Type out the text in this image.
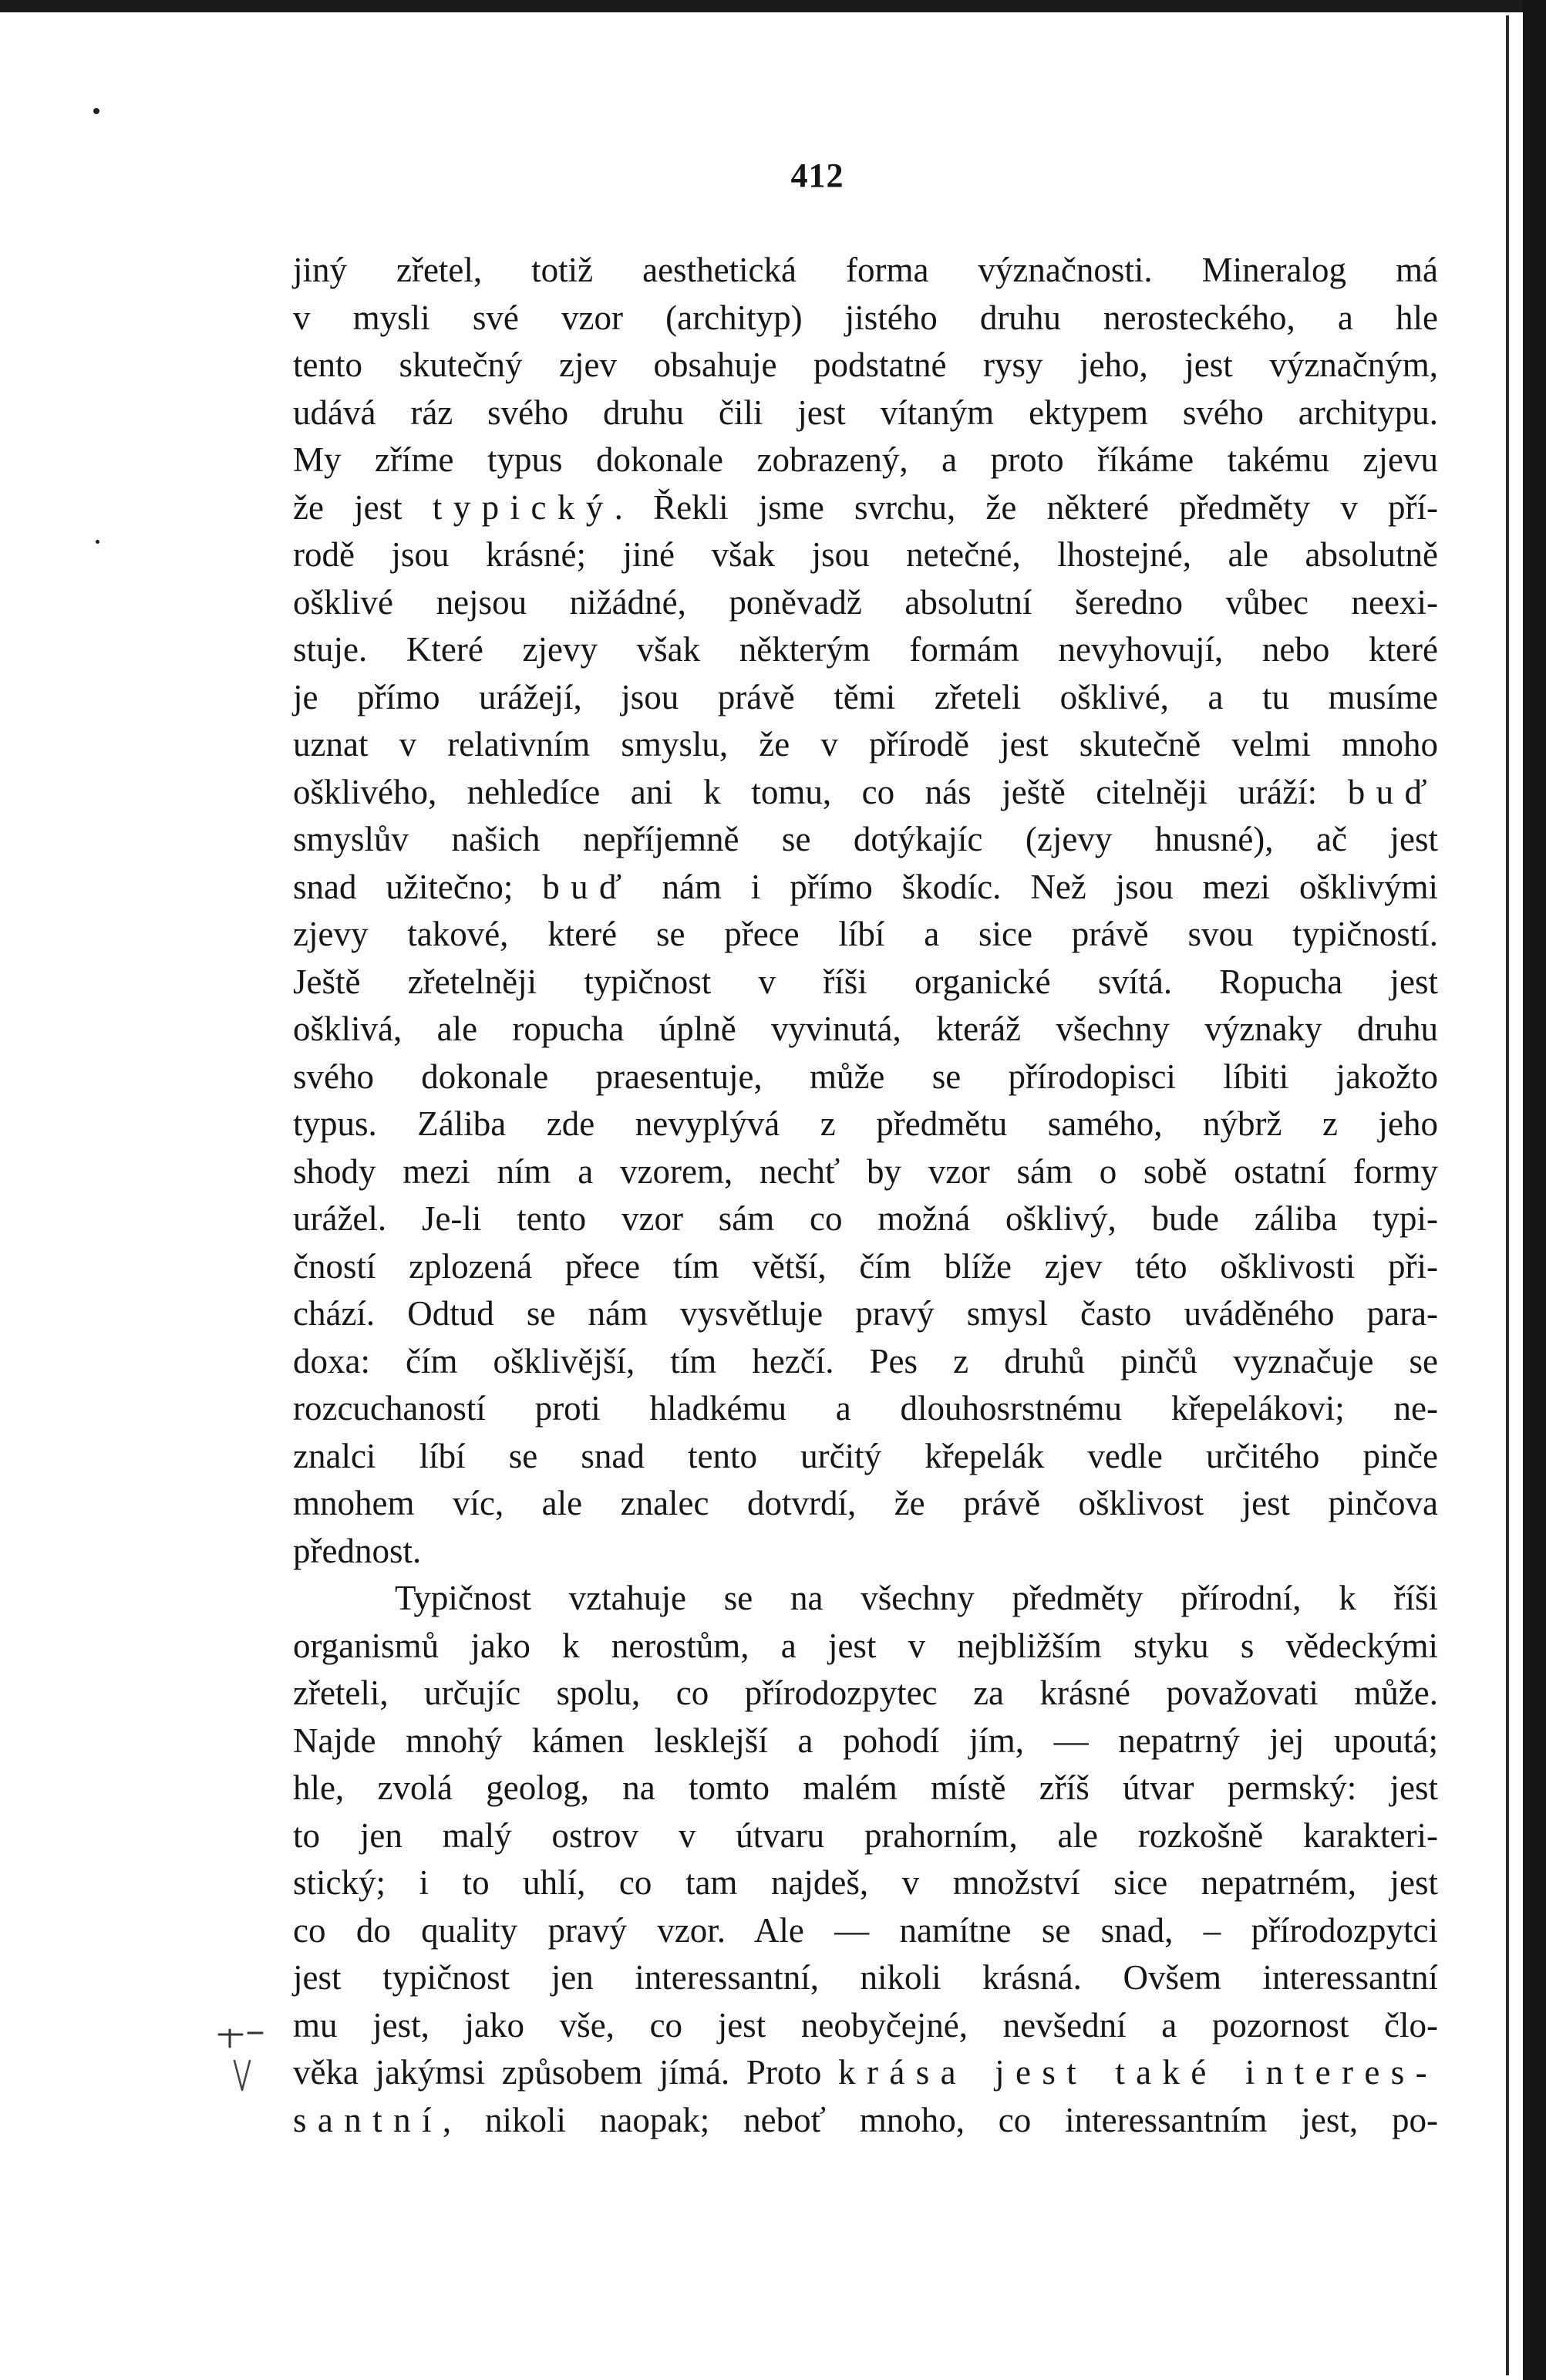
412
jiný zřetel, totiž aesthetická forma význačnosti. Mineralog má
v mysli své vzor (archityp) jistého druhu nerosteckého, a hle
tento skutečný zjev obsahuje podstatné rysy jeho, jest význačným,
udává ráz svého druhu čili jest vítaným ektypem svého architypu.
My zříme typus dokonale zobrazený, a proto říkáme takému zjevu
že jest typický. Řekli jsme svrchu, že některé předměty v pří-
rodě jsou krásné; jiné však jsou netečné, lhostejné, ale absolutně
ošklivé nejsou nižádné, poněvadž absolutní šeredno vůbec neexi-
stuje. Které zjevy však některým formám nevyhovují, nebo které
je přímo urážejí, jsou právě těmi zřeteli ošklivé, a tu musíme
uznat v relativním smyslu, že v přírodě jest skutečně velmi mnoho
ošklivého, nehledíce ani k tomu, co nás ještě citelněji uráží: buď
smyslův našich nepříjemně se dotýkajíc (zjevy hnusné), ač jest
snad užitečno; buď nám i přímo škodíc. Než jsou mezi ošklivými
zjevy takové, které se přece líbí a sice právě svou typičností.
Ještě zřetelněji typičnost v říši organické svítá. Ropucha jest
ošklivá, ale ropucha úplně vyvinutá, kteráž všechny význaky druhu
svého dokonale praesentuje, může se přírodopisci líbiti jakožto
typus. Záliba zde nevyplývá z předmětu samého, nýbrž z jeho
shody mezi ním a vzorem, nechť by vzor sám o sobě ostatní formy
urážel. Je-li tento vzor sám co možná ošklivý, bude záliba typi-
čností zplozená přece tím větší, čím blíže zjev této ošklivosti při-
chází. Odtud se nám vysvětluje pravý smysl často uváděného para-
doxa: čím ošklivější, tím hezčí. Pes z druhů pinčů vyznačuje se
rozcuchaností proti hladkému a dlouhosrstnému křepelákovi; ne-
znalci líbí se snad tento určitý křepelák vedle určitého pinče
mnohem víc, ale znalec dotvrdí, že právě ošklivost jest pinčova
přednost.
Typičnost vztahuje se na všechny předměty přírodní, k říši
organismů jako k nerostům, a jest v nejbližším styku s vědeckými
zřeteli, určujíc spolu, co přírodozpytec za krásné považovati může.
Najde mnohý kámen lesklejší a pohodí jím, — nepatrný jej upoutá;
hle, zvolá geolog, na tomto malém místě zříš útvar permský: jest
to jen malý ostrov v útvaru prahorním, ale rozkošně karakteri-
stický; i to uhlí, co tam najdeš, v množství sice nepatrném, jest
co do quality pravý vzor. Ale — namítne se snad, – přírodozpytci
jest typičnost jen interessantní, nikoli krásná. Ovšem interessantní
mu jest, jako vše, co jest neobyčejné, nevšední a pozornost člo-
věka jakýmsi způsobem jímá. Proto krása jest také interes-
santní, nikoli naopak; neboť mnoho, co interessantním jest, po-
